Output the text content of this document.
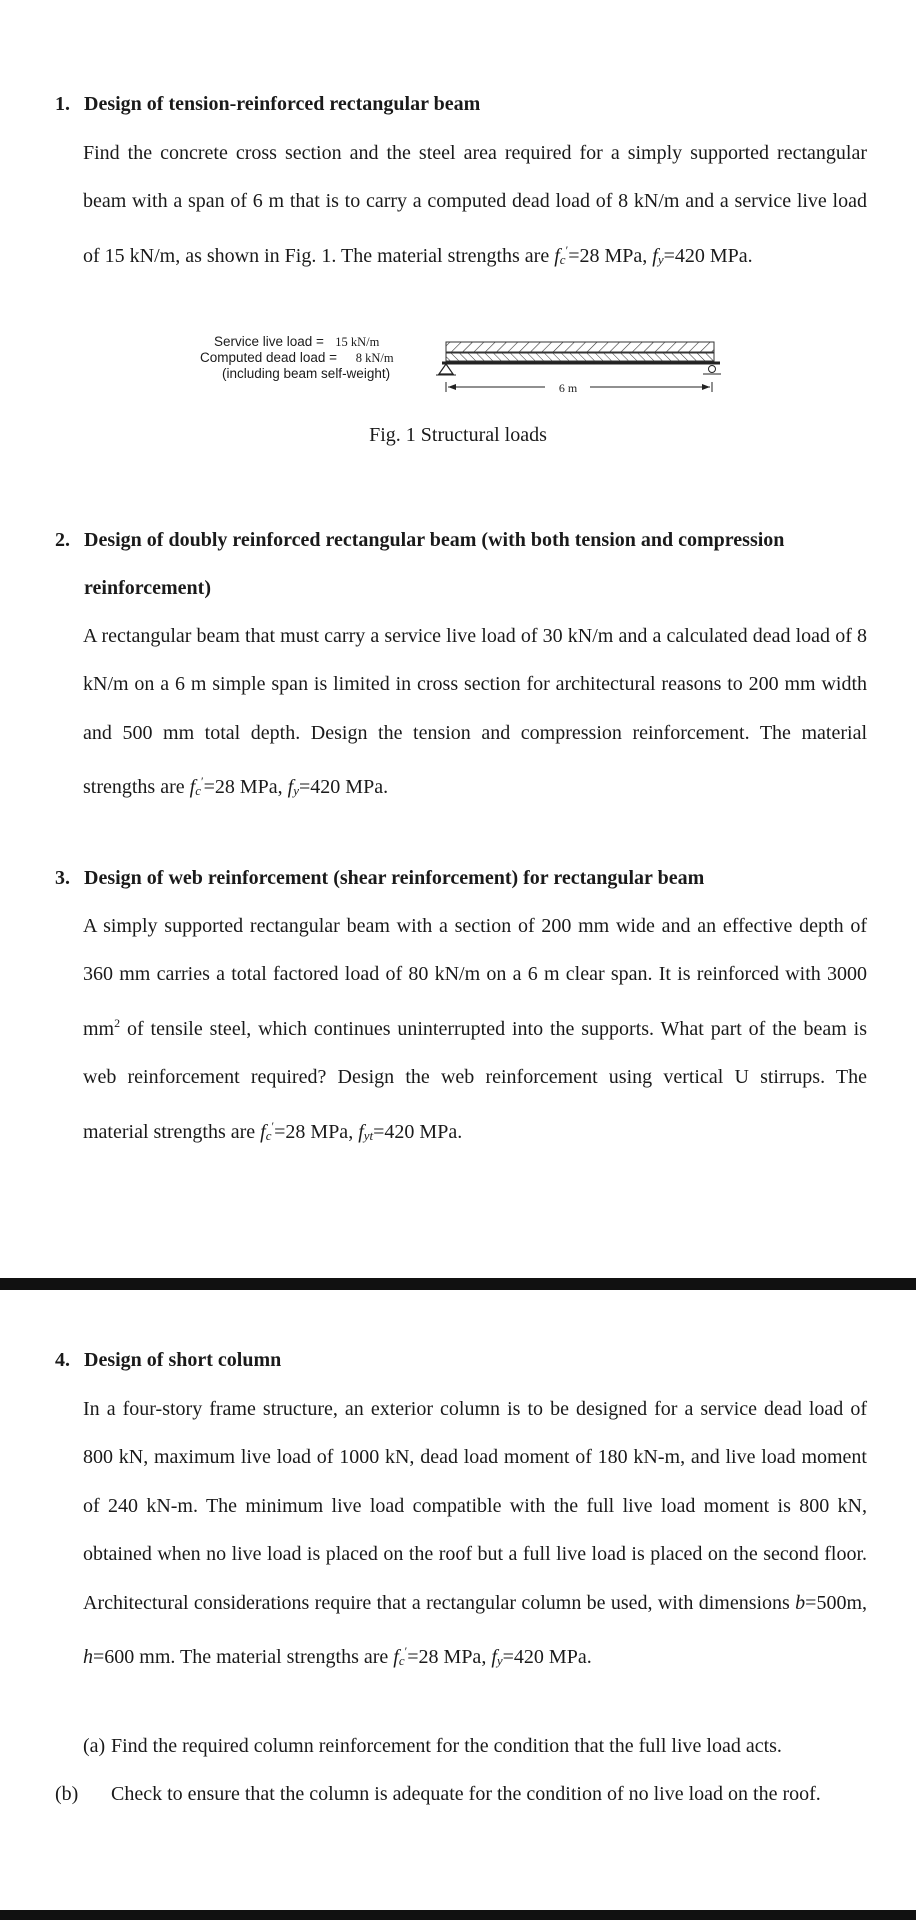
1. Design of tension-reinforced rectangular beam

Find the concrete cross section and the steel area required for a simply supported rectangular beam with a span of 6 m that is to carry a computed dead load of 8 kN/m and a service live load of 15 kN/m, as shown in Fig. 1. The material strengths are fc′=28 MPa, fy=420 MPa.

Service live load = 15 kN/m
Computed dead load = 8 kN/m
(including beam self-weight)
6 m
Fig. 1 Structural loads
2. Design of doubly reinforced rectangular beam (with both tension and compression
reinforcement)

A rectangular beam that must carry a service live load of 30 kN/m and a calculated dead load of 8 kN/m on a 6 m simple span is limited in cross section for architectural reasons to 200 mm width and 500 mm total depth. Design the tension and compression reinforcement. The material strengths are fc′=28 MPa, fy=420 MPa.

3. Design of web reinforcement (shear reinforcement) for rectangular beam

A simply supported rectangular beam with a section of 200 mm wide and an effective depth of 360 mm carries a total factored load of 80 kN/m on a 6 m clear span. It is reinforced with 3000 $mm^2$ of tensile steel, which continues uninterrupted into the supports. What part of the beam is web reinforcement required? Design the web reinforcement using vertical U stirrups. The material strengths are fc′=28 MPa, fyt=420 MPa.

4. Design of short column

In a four-story frame structure, an exterior column is to be designed for a service dead load of 800 kN, maximum live load of 1000 kN, dead load moment of 180 kN-m, and live load moment of 240 kN-m. The minimum live load compatible with the full live load moment is 800 kN, obtained when no live load is placed on the roof but a full live load is placed on the second floor. Architectural considerations require that a rectangular column be used, with dimensions b=500m, h=600 mm. The material strengths are fc′=28 MPa, fy=420 MPa.

(a) Find the required column reinforcement for the condition that the full live load acts.
(b) Check to ensure that the column is adequate for the condition of no live load on the roof.
